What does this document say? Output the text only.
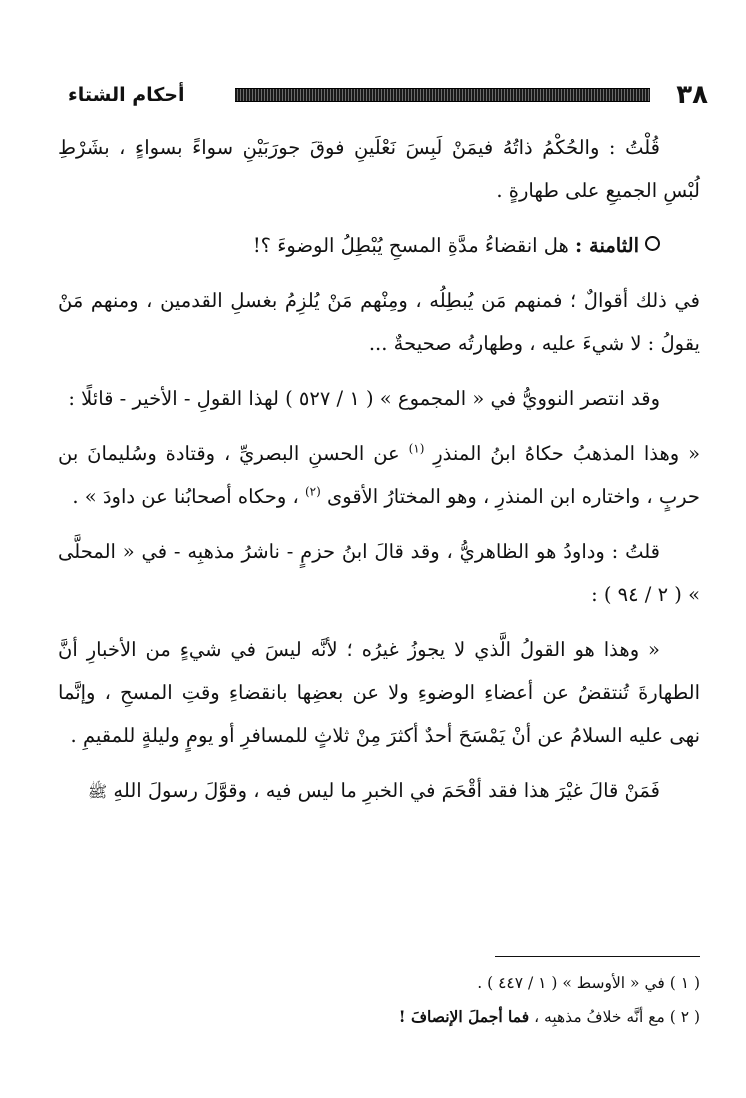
٣٨
أحكام الشتاء

قُلْتُ : والحُكْمُ ذاتُهُ فيمَنْ لَبِسَ نَعْلَينِ فوقَ جورَبَيْنِ سواءً بسواءٍ ، بشَرْطِ لُبْسِ الجميعِ على طهارةٍ .

الثامنة : هل انقضاءُ مدَّةِ المسحِ يُبْطِلُ الوضوءَ ؟!

في ذلك أقوالٌ ؛ فمنهم مَن يُبطِلُه ، ومِنْهم مَنْ يُلزِمُ بغسلِ القدمين ، ومنهم مَنْ يقولُ : لا شيءَ عليه ، وطهارتُه صحيحةٌ ...

وقد انتصر النوويُّ في « المجموع » ( ١ / ٥٢٧ ) لهذا القولِ - الأخير - قائلًا :

« وهذا المذهبُ حكاهُ ابنُ المنذرِ $^{(١)}$ عن الحسنِ البصريِّ ، وقتادة وسُليمانَ بن حربٍ ، واختاره ابن المنذرِ ، وهو المختارُ الأقوى $^{(٢)}$ ، وحكاه أصحابُنا عن داودَ » .

قلتُ : وداودُ هو الظاهريُّ ، وقد قالَ ابنُ حزمٍ - ناشرُ مذهبِه - في « المحلَّى » ( ٢ / ٩٤ ) :

« وهذا هو القولُ الَّذي لا يجوزُ غيرُه ؛ لأنَّه ليسَ في شيءٍ من الأخبارِ أنَّ الطهارةَ تُنتقضُ عن أعضاءِ الوضوءِ ولا عن بعضِها بانقضاءِ وقتِ المسحِ ، وإنَّما نهى عليه السلامُ عن أنْ يَمْسَحَ أحدٌ أكثرَ مِنْ ثلاثٍ للمسافرِ أو يومٍ وليلةٍ للمقيمِ .

فَمَنْ قالَ غيْرَ هذا فقد أقْحَمَ في الخبرِ ما ليس فيه ، وقوَّلَ رسولَ اللهِ ﷺ

( ١ ) في « الأوسط » ( ١ / ٤٤٧ ) .

( ٢ ) مع أنَّه خلافُ مذهبِه ، فما أجملَ الإنصافَ !
